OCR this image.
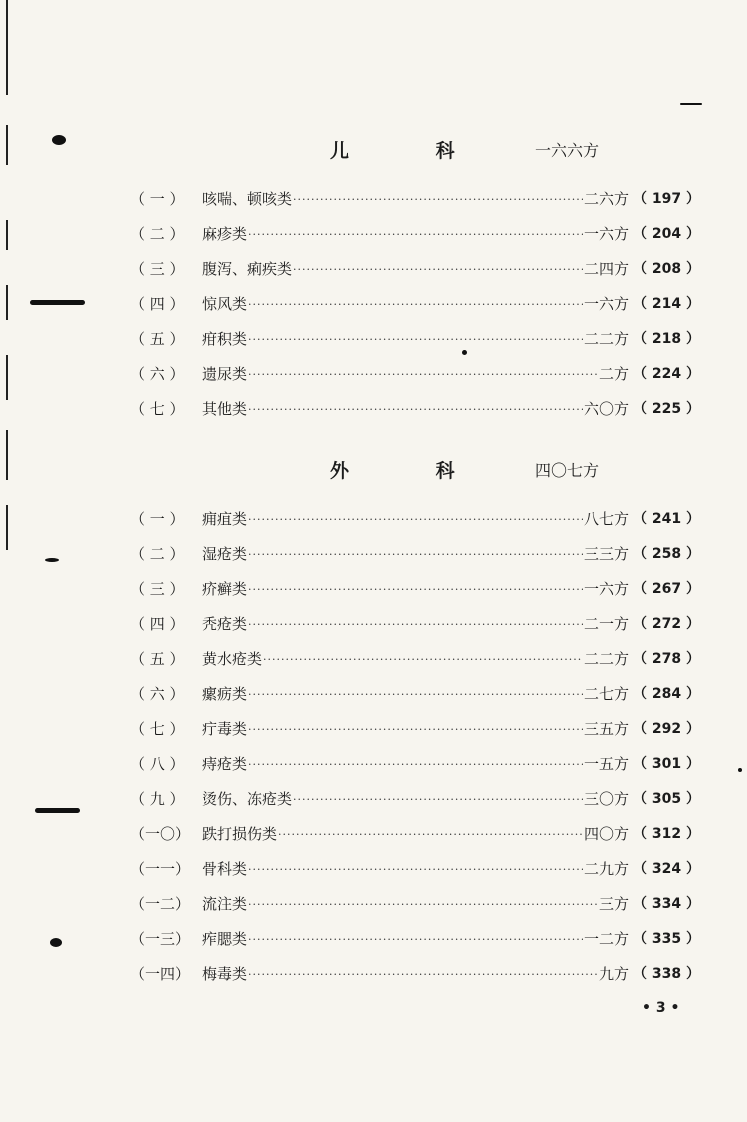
儿 科	一六六方
（ 一 ）	咳喘、顿咳类 ·····	二六方 （ 197 ）
（ 二 ）	麻疹类 ·····	一六方 （ 204 ）
（ 三 ）	腹泻、痢疾类 ·····	二四方 （ 208 ）
（ 四 ）	惊风类 ·····	一六方 （ 214 ）
（ 五 ）	疳积类 ·····	二二方 （ 218 ）
（ 六 ）	遗尿类 ·····	二方 （ 224 ）
（ 七 ）	其他类 ·····	六〇方 （ 225 ）
外 科	四〇七方
（ 一 ）	痈疽类 ·····	八七方 （ 241 ）
（ 二 ）	湿疮类 ·····	三三方 （ 258 ）
（ 三 ）	疥癣类 ·····	一六方 （ 267 ）
（ 四 ）	秃疮类 ·····	二一方 （ 272 ）
（ 五 ）	黄水疮类 ·····	二二方 （ 278 ）
（ 六 ）	瘰疬类 ·····	二七方 （ 284 ）
（ 七 ）	疔毒类 ·····	三五方 （ 292 ）
（ 八 ）	痔疮类 ·····	一五方 （ 301 ）
（ 九 ）	烫伤、冻疮类 ·····	三〇方 （ 305 ）
（一〇） 跌打损伤类 ·····	四〇方 （ 312 ）
（一一） 骨科类 ·····	二九方 （ 324 ）
（一二） 流注类 ·····	三方 （ 334 ）
（一三） 痄腮类 ·····	一二方 （ 335 ）
（一四） 梅毒类 ·····	九方 （ 338 ）
• 3 •
